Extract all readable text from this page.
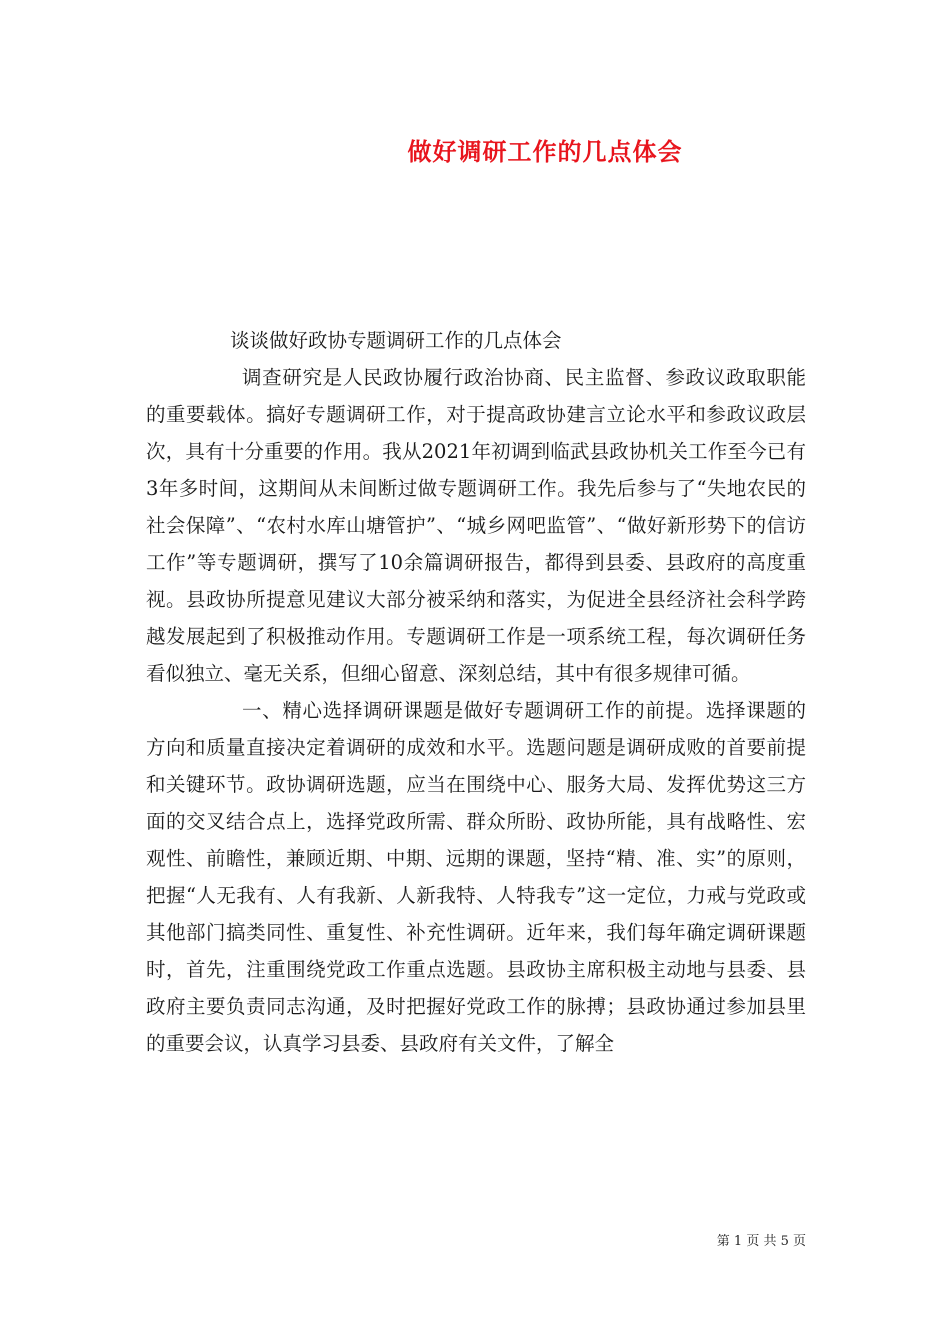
做好调研工作的几点体会

谈谈做好政协专题调研工作的几点体会

调查研究是人民政协履行政治协商、民主监督、参政议政取职能的重要载体。搞好专题调研工作，对于提高政协建言立论水平和参政议政层次，具有十分重要的作用。我从2021年初调到临武县政协机关工作至今已有3年多时间，这期间从未间断过做专题调研工作。我先后参与了“失地农民的社会保障”、“农村水库山塘管护”、“城乡网吧监管”、“做好新形势下的信访工作”等专题调研，撰写了10余篇调研报告，都得到县委、县政府的高度重视。县政协所提意见建议大部分被采纳和落实，为促进全县经济社会科学跨越发展起到了积极推动作用。专题调研工作是一项系统工程，每次调研任务看似独立、毫无关系，但细心留意、深刻总结，其中有很多规律可循。

一、精心选择调研课题是做好专题调研工作的前提。选择课题的方向和质量直接决定着调研的成效和水平。选题问题是调研成败的首要前提和关键环节。政协调研选题，应当在围绕中心、服务大局、发挥优势这三方面的交叉结合点上，选择党政所需、群众所盼、政协所能，具有战略性、宏观性、前瞻性，兼顾近期、中期、远期的课题，坚持“精、准、实”的原则，把握“人无我有、人有我新、人新我特、人特我专”这一定位，力戒与党政或其他部门搞类同性、重复性、补充性调研。近年来，我们每年确定调研课题时，首先，注重围绕党政工作重点选题。县政协主席积极主动地与县委、县政府主要负责同志沟通，及时把握好党政工作的脉搏；县政协通过参加县里的重要会议，认真学习县委、县政府有关文件，了解全

第 1 页 共 5 页
